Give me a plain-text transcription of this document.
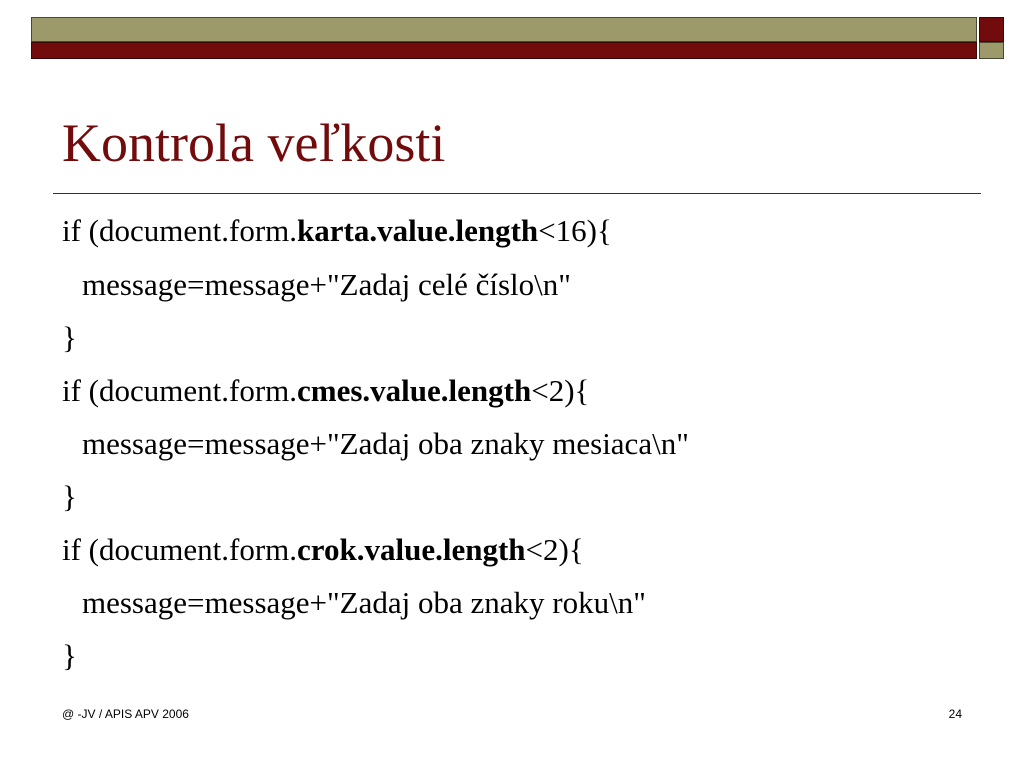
Kontrola veľkosti
if (document.form.karta.value.length<16){
message=message+"Zadaj celé číslo\n"
}
if (document.form.cmes.value.length<2){
message=message+"Zadaj oba znaky mesiaca\n"
}
if (document.form.crok.value.length<2){
message=message+"Zadaj oba znaky roku\n"
}
@ -JV / APIS APV 2006	24
